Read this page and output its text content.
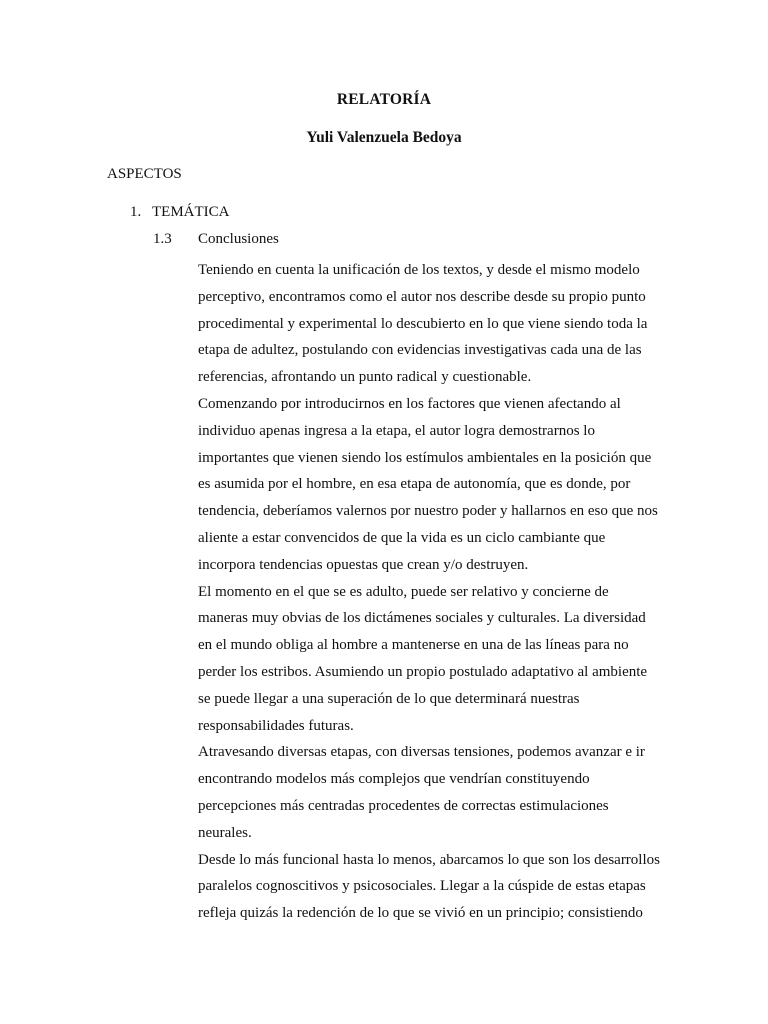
RELATORÍA
Yuli Valenzuela Bedoya
ASPECTOS
1. TEMÁTICA
1.3 Conclusiones

Teniendo en cuenta la unificación de los textos, y desde el mismo modelo
perceptivo, encontramos como el autor nos describe desde su propio punto
procedimental y experimental lo descubierto en lo que viene siendo toda la
etapa de adultez, postulando con evidencias investigativas cada una de las
referencias, afrontando un punto radical y cuestionable.

Comenzando por introducirnos en los factores que vienen afectando al
individuo apenas ingresa a la etapa, el autor logra demostrarnos lo
importantes que vienen siendo los estímulos ambientales en la posición que
es asumida por el hombre, en esa etapa de autonomía, que es donde, por
tendencia, deberíamos valernos por nuestro poder y hallarnos en eso que nos
aliente a estar convencidos de que la vida es un ciclo cambiante que
incorpora tendencias opuestas que crean y/o destruyen.

El momento en el que se es adulto, puede ser relativo y concierne de
maneras muy obvias de los dictámenes sociales y culturales. La diversidad
en el mundo obliga al hombre a mantenerse en una de las líneas para no
perder los estribos. Asumiendo un propio postulado adaptativo al ambiente
se puede llegar a una superación de lo que determinará nuestras
responsabilidades futuras.

Atravesando diversas etapas, con diversas tensiones, podemos avanzar e ir
encontrando modelos más complejos que vendrían constituyendo
percepciones más centradas procedentes de correctas estimulaciones
neurales.

Desde lo más funcional hasta lo menos, abarcamos lo que son los desarrollos
paralelos cognoscitivos y psicosociales. Llegar a la cúspide de estas etapas
refleja quizás la redención de lo que se vivió en un principio; consistiendo
